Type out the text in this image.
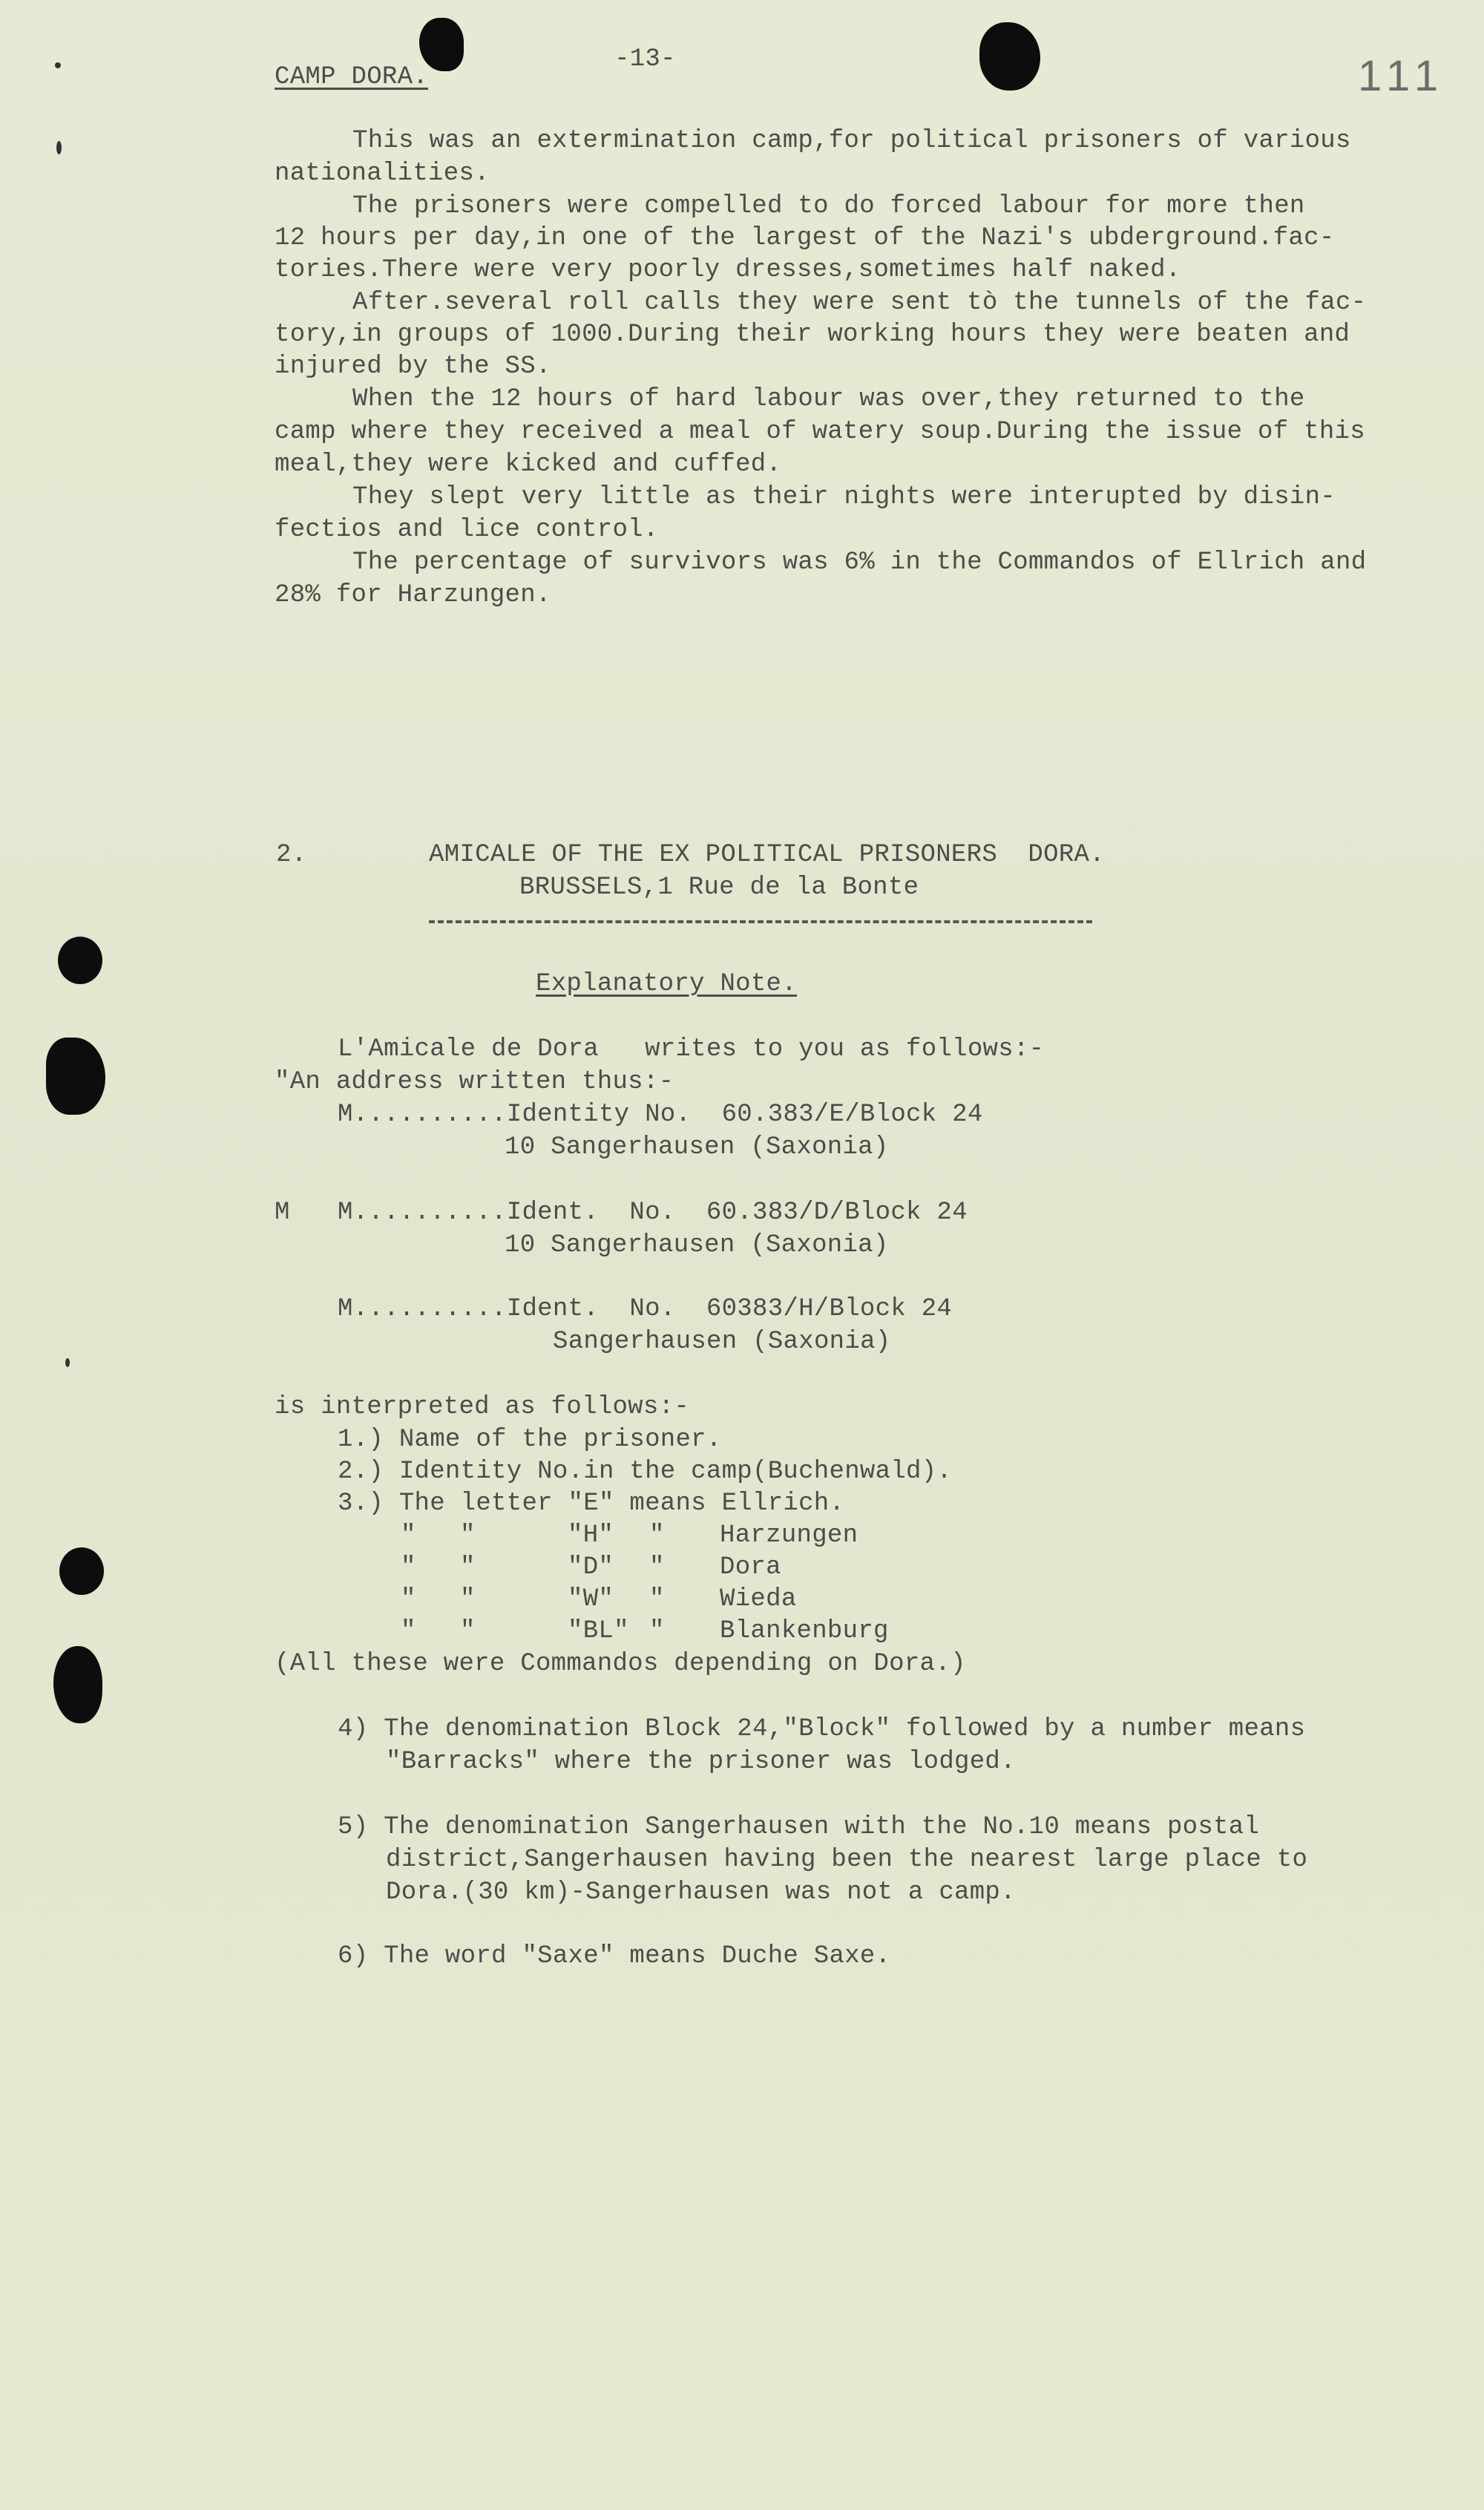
CAMP DORA.
-13-	111
This was an extermination camp,for political prisoners of various
nationalities.
The prisoners were compelled to do forced labour for more then
12 hours per day,in one of the largest of the Nazi's ubderground.fac-
tories.There were very poorly dresses,sometimes half naked.
After.several roll calls they were sent tò the tunnels of the fac-
tory,in groups of 1000.During their working hours they were beaten and
injured by the SS.
When the 12 hours of hard labour was over,they returned to the
camp where they received a meal of watery soup.During the issue of this
meal,they were kicked and cuffed.
They slept very little as their nights were interupted by disin-
fectios and lice control.
The percentage of survivors was 6% in the Commandos of Ellrich and
28% for Harzungen.
2.	AMICALE OF THE EX POLITICAL PRISONERS  DORA.
BRUSSELS,1 Rue de la Bonte
Explanatory Note.
L'Amicale de Dora   writes to you as follows:-
"An address written thus:-
M..........Identity No.  60.383/E/Block 24
10 Sangerhausen (Saxonia)
M M..........Ident.  No.  60.383/D/Block 24
10 Sangerhausen (Saxonia)
M..........Ident.  No.  60383/H/Block 24
Sangerhausen (Saxonia)
is interpreted as follows:-
1.) Name of the prisoner.
2.) Identity No.in the camp(Buchenwald).
3.) The letter "E" means Ellrich.
" "	"H" " Harzungen
" "	"D" " Dora
" "	"W" " Wieda
" "	"BL" " Blankenburg
(All these were Commandos depending on Dora.)
4) The denomination Block 24,"Block" followed by a number means
"Barracks" where the prisoner was lodged.
5) The denomination Sangerhausen with the No.10 means postal
district,Sangerhausen having been the nearest large place to
Dora.(30 km)-Sangerhausen was not a camp.
6) The word "Saxe" means Duche Saxe.
